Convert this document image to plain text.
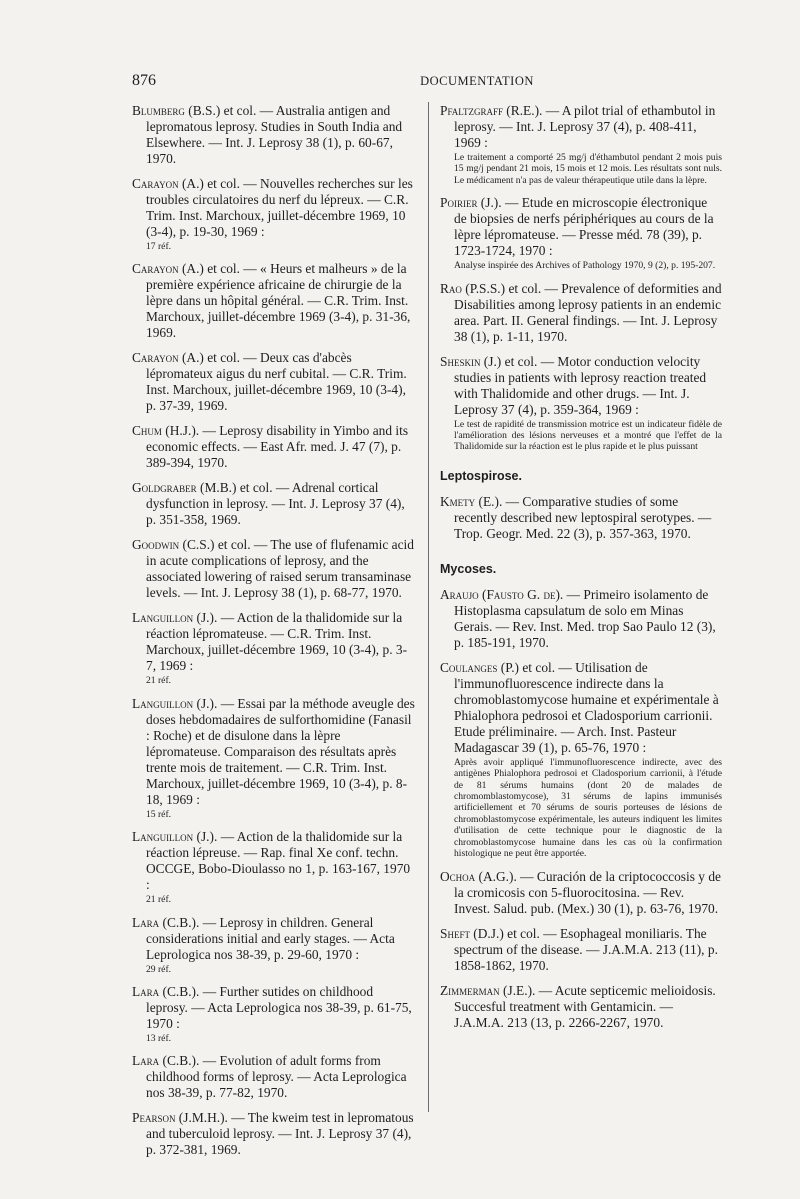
876	DOCUMENTATION
Blumberg (B.S.) et col. — Australia antigen and lepromatous leprosy. Studies in South India and Elsewhere. — Int. J. Leprosy 38 (1), p. 60-67, 1970.
Carayon (A.) et col. — Nouvelles recherches sur les troubles circulatoires du nerf du lépreux. — C.R. Trim. Inst. Marchoux, juillet-décembre 1969, 10 (3-4), p. 19-30, 1969 :
17 réf.
Carayon (A.) et col. — « Heurs et malheurs » de la première expérience africaine de chirurgie de la lèpre dans un hôpital général. — C.R. Trim. Inst. Marchoux, juillet-décembre 1969 (3-4), p. 31-36, 1969.
Carayon (A.) et col. — Deux cas d'abcès lépromateux aigus du nerf cubital. — C.R. Trim. Inst. Marchoux, juillet-décembre 1969, 10 (3-4), p. 37-39, 1969.
Chum (H.J.). — Leprosy disability in Yimbo and its economic effects. — East Afr. med. J. 47 (7), p. 389-394, 1970.
Goldgraber (M.B.) et col. — Adrenal cortical dysfunction in leprosy. — Int. J. Leprosy 37 (4), p. 351-358, 1969.
Goodwin (C.S.) et col. — The use of flufenamic acid in acute complications of leprosy, and the associated lowering of raised serum transaminase levels. — Int. J. Leprosy 38 (1), p. 68-77, 1970.
Languillon (J.). — Action de la thalidomide sur la réaction lépromateuse. — C.R. Trim. Inst. Marchoux, juillet-décembre 1969, 10 (3-4), p. 3-7, 1969 :
21 réf.
Languillon (J.). — Essai par la méthode aveugle des doses hebdomadaires de sulforthomidine (Fanasil : Roche) et de disulone dans la lèpre lépromateuse. Comparaison des résultats après trente mois de traitement. — C.R. Trim. Inst. Marchoux, juillet-décembre 1969, 10 (3-4), p. 8-18, 1969 :
15 réf.
Languillon (J.). — Action de la thalidomide sur la réaction lépreuse. — Rap. final Xe conf. techn. OCCGE, Bobo-Dioulasso no 1, p. 163-167, 1970 :
21 réf.
Lara (C.B.). — Leprosy in children. General considerations initial and early stages. — Acta Leprologica nos 38-39, p. 29-60, 1970 :
29 réf.
Lara (C.B.). — Further sutides on childhood leprosy. — Acta Leprologica nos 38-39, p. 61-75, 1970 :
13 réf.
Lara (C.B.). — Evolution of adult forms from childhood forms of leprosy. — Acta Leprologica nos 38-39, p. 77-82, 1970.
Pearson (J.M.H.). — The kweim test in lepromatous and tuberculoid leprosy. — Int. J. Leprosy 37 (4), p. 372-381, 1969.
Pfaltzgraff (R.E.). — A pilot trial of ethambutol in leprosy. — Int. J. Leprosy 37 (4), p. 408-411, 1969 :
Le traitement a comporté 25 mg/j d'éthambutol pendant 2 mois puis 15 mg/j pendant 21 mois, 15 mois et 12 mois. Les résultats sont nuls. Le médicament n'a pas de valeur thérapeutique utile dans la lèpre.
Poirier (J.). — Etude en microscopie électronique de biopsies de nerfs périphériques au cours de la lèpre lépromateuse. — Presse méd. 78 (39), p. 1723-1724, 1970 :
Analyse inspirée des Archives of Pathology 1970, 9 (2), p. 195-207.
Rao (P.S.S.) et col. — Prevalence of deformities and Disabilities among leprosy patients in an endemic area. Part. II. General findings. — Int. J. Leprosy 38 (1), p. 1-11, 1970.
Sheskin (J.) et col. — Motor conduction velocity studies in patients with leprosy reaction treated with Thalidomide and other drugs. — Int. J. Leprosy 37 (4), p. 359-364, 1969 :
Le test de rapidité de transmission motrice est un indicateur fidèle de l'amélioration des lésions nerveuses et a montré que l'effet de la Thalidomide sur la réaction est le plus rapide et le plus puissant
Leptospirose.
Kmety (E.). — Comparative studies of some recently described new leptospiral serotypes. — Trop. Geogr. Med. 22 (3), p. 357-363, 1970.
Mycoses.
Araujo (Fausto G. de). — Primeiro isolamento de Histoplasma capsulatum de solo em Minas Gerais. — Rev. Inst. Med. trop Sao Paulo 12 (3), p. 185-191, 1970.
Coulanges (P.) et col. — Utilisation de l'immunofluorescence indirecte dans la chromoblastomycose humaine et expérimentale à Phialophora pedrosoi et Cladosporium carrionii. Etude préliminaire. — Arch. Inst. Pasteur Madagascar 39 (1), p. 65-76, 1970 :
Après avoir appliqué l'immunofluorescence indirecte, avec des antigènes Phialophora pedrosoi et Cladosporium carrionii, à l'étude de 81 sérums humains (dont 20 de malades de chromomblastomycose), 31 sérums de lapins immunisés artificiellement et 70 sérums de souris porteuses de lésions de chromoblastomycose expérimentale, les auteurs indiquent les limites d'utilisation de cette technique pour le diagnostic de la chromoblastomycose humaine dans les cas où la confirmation histologique ne peut être apportée.
Ochoa (A.G.). — Curación de la criptococcosis y de la cromicosis con 5-fluorocitosina. — Rev. Invest. Salud. pub. (Mex.) 30 (1), p. 63-76, 1970.
Sheft (D.J.) et col. — Esophageal moniliaris. The spectrum of the disease. — J.A.M.A. 213 (11), p. 1858-1862, 1970.
Zimmerman (J.E.). — Acute septicemic melioidosis. Succesful treatment with Gentamicin. — J.A.M.A. 213 (13, p. 2266-2267, 1970.
